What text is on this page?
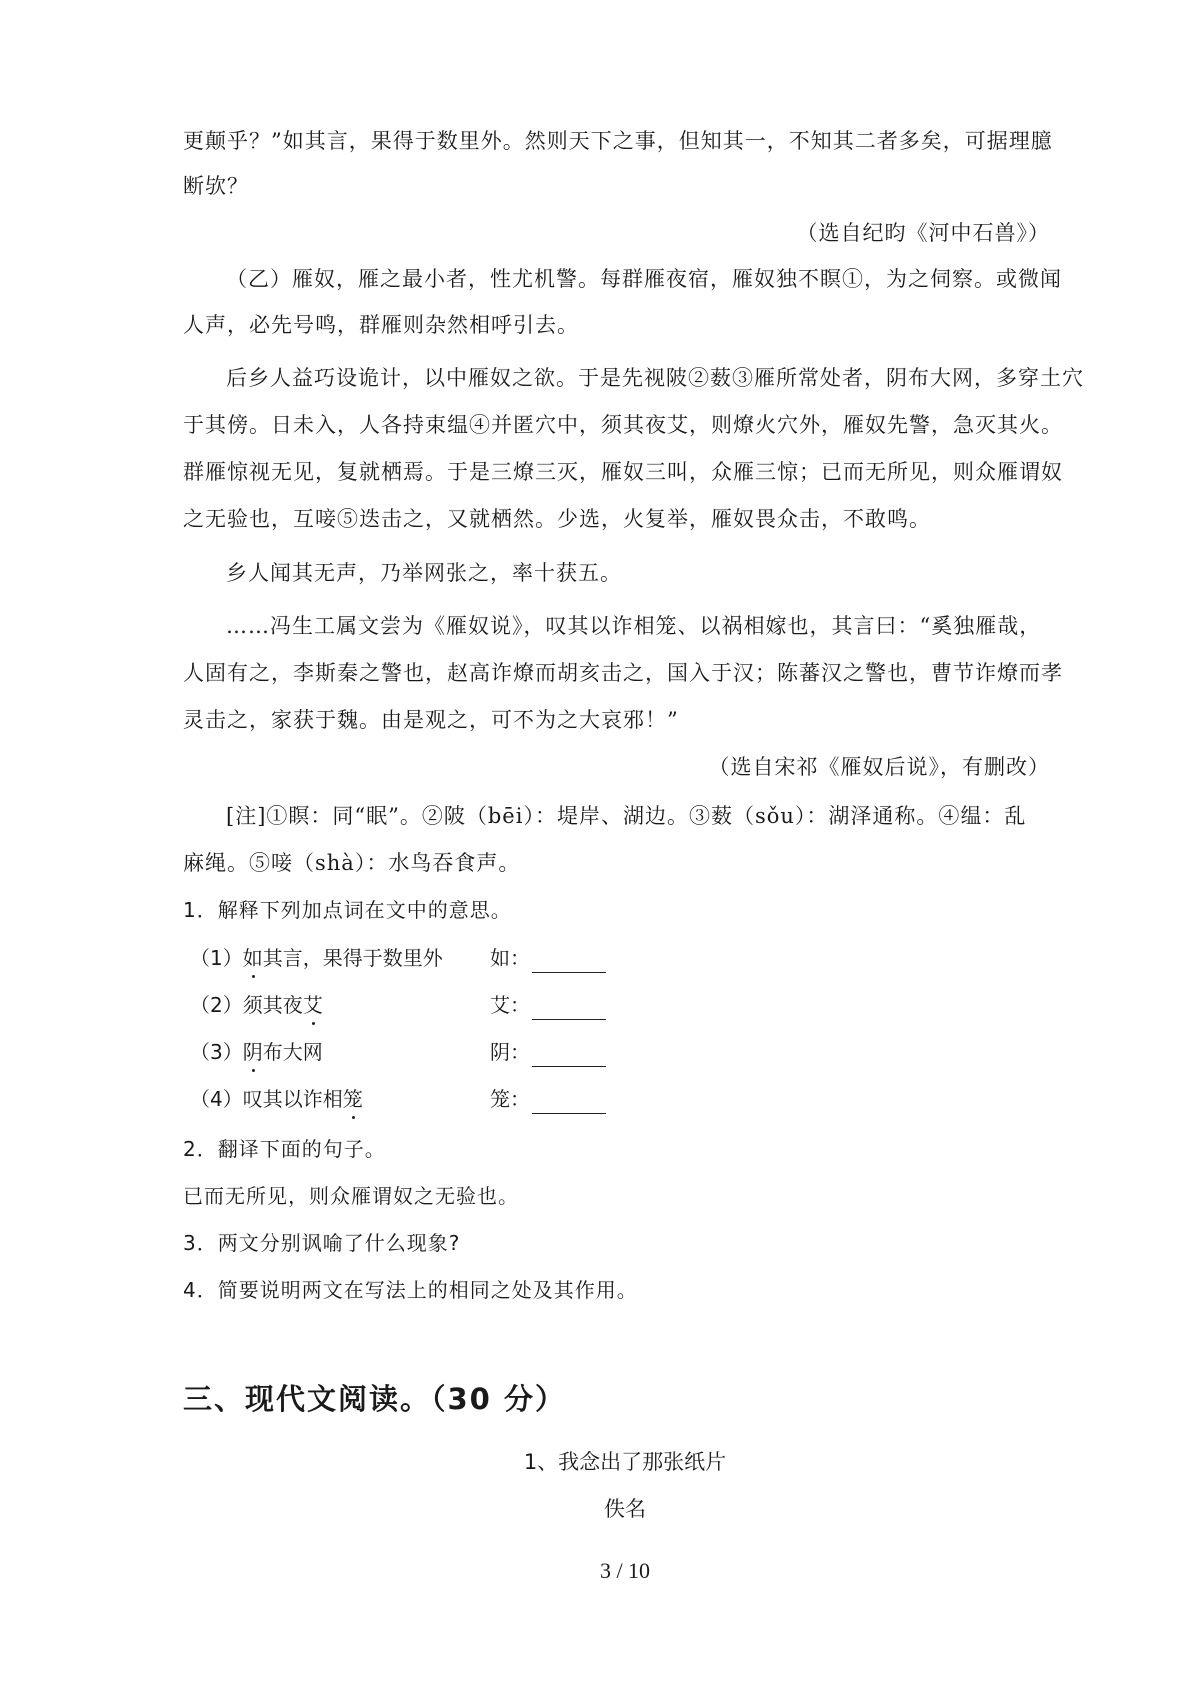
更颠乎？”如其言，果得于数里外。然则天下之事，但知其一，不知其二者多矣，可据理臆
断欤？
（选自纪昀《河中石兽》）
（乙）雁奴，雁之最小者，性尤机警。每群雁夜宿，雁奴独不瞑①，为之伺察。或微闻
人声，必先号鸣，群雁则杂然相呼引去。
后乡人益巧设诡计，以中雁奴之欲。于是先视陂②薮③雁所常处者，阴布大网，多穿土穴
于其傍。日未入，人各持束缊④并匿穴中，须其夜艾，则燎火穴外，雁奴先警，急灭其火。
群雁惊视无见，复就栖焉。于是三燎三灭，雁奴三叫，众雁三惊；已而无所见，则众雁谓奴
之无验也，互唼⑤迭击之，又就栖然。少选，火复举，雁奴畏众击，不敢鸣。
乡人闻其无声，乃举网张之，率十获五。
……冯生工属文尝为《雁奴说》，叹其以诈相笼、以祸相嫁也，其言曰：“奚独雁哉，
人固有之，李斯秦之警也，赵高诈燎而胡亥击之，国入于汉；陈蕃汉之警也，曹节诈燎而孝
灵击之，家获于魏。由是观之，可不为之大哀邪！”
（选自宋祁《雁奴后说》，有删改）
[注]①瞑：同“眠”。②陂（bēi）：堤岸、湖边。③薮（sǒu）：湖泽通称。④缊：乱
麻绳。⑤唼（shà）：水鸟吞食声。
1．解释下列加点词在文中的意思。
（1）如其言，果得于数里外	如：
（2）须其夜艾	艾：
（3）阴布大网	阴：
（4）叹其以诈相笼	笼：
2．翻译下面的句子。
已而无所见，则众雁谓奴之无验也。
3．两文分别讽喻了什么现象?
4．简要说明两文在写法上的相同之处及其作用。
三、现代文阅读。（30 分）
1、我念出了那张纸片
佚名
3 / 10
